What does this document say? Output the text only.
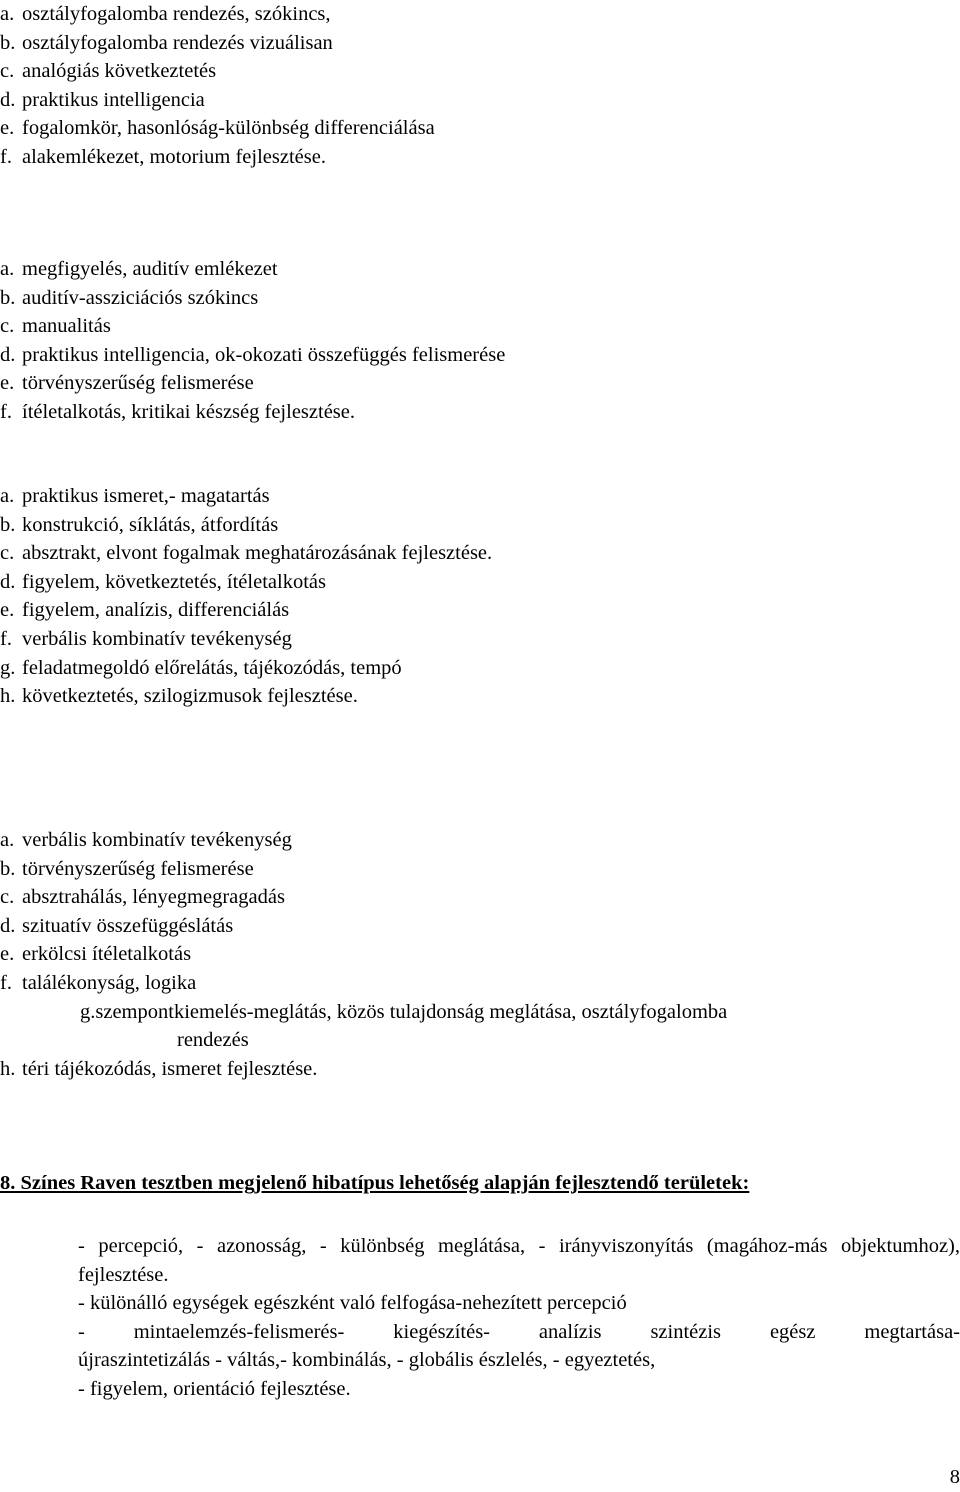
a. osztályfogalomba rendezés, szókincs,
b. osztályfogalomba rendezés vizuálisan
c. analógiás következtetés
d. praktikus intelligencia
e. fogalomkör, hasonlóság-különbség differenciálása
f. alakemlékezet, motorium fejlesztése.
a. megfigyelés, auditív emlékezet
b. auditív-assziciációs szókincs
c. manualitás
d. praktikus intelligencia, ok-okozati összefüggés felismerése
e. törvényszerűség felismerése
f. ítéletalkotás, kritikai készség fejlesztése.
a. praktikus ismeret,- magatartás
b. konstrukció, síklátás, átfordítás
c. absztrakt, elvont fogalmak meghatározásának fejlesztése.
d. figyelem, következtetés, ítéletalkotás
e. figyelem, analízis, differenciálás
f. verbális kombinatív tevékenység
g. feladatmegoldó előrelátás, tájékozódás, tempó
h. következtetés, szilogizmusok fejlesztése.
a. verbális kombinatív tevékenység
b. törvényszerűség felismerése
c. absztrahálás, lényegmegragadás
d. szituatív összefüggéslátás
e. erkölcsi ítéletalkotás
f. találékonyság, logika
g.szempontkiemelés-meglátás, közös tulajdonság meglátása, osztályfogalomba
rendezés
h. téri tájékozódás, ismeret fejlesztése.
8. Színes Raven tesztben megjelenő hibatípus lehetőség alapján fejlesztendő területek:

- percepció, - azonosság, - különbség meglátása, - irányviszonyítás (magához-más objektumhoz), fejlesztése.

- különálló egységek egészként való felfogása-nehezített percepció

- mintaelemzés-felismerés- kiegészítés- analízis szintézis egész megtartása-

újraszintetizálás - váltás,- kombinálás, - globális észlelés, - egyeztetés,

- figyelem, orientáció fejlesztése.

8
